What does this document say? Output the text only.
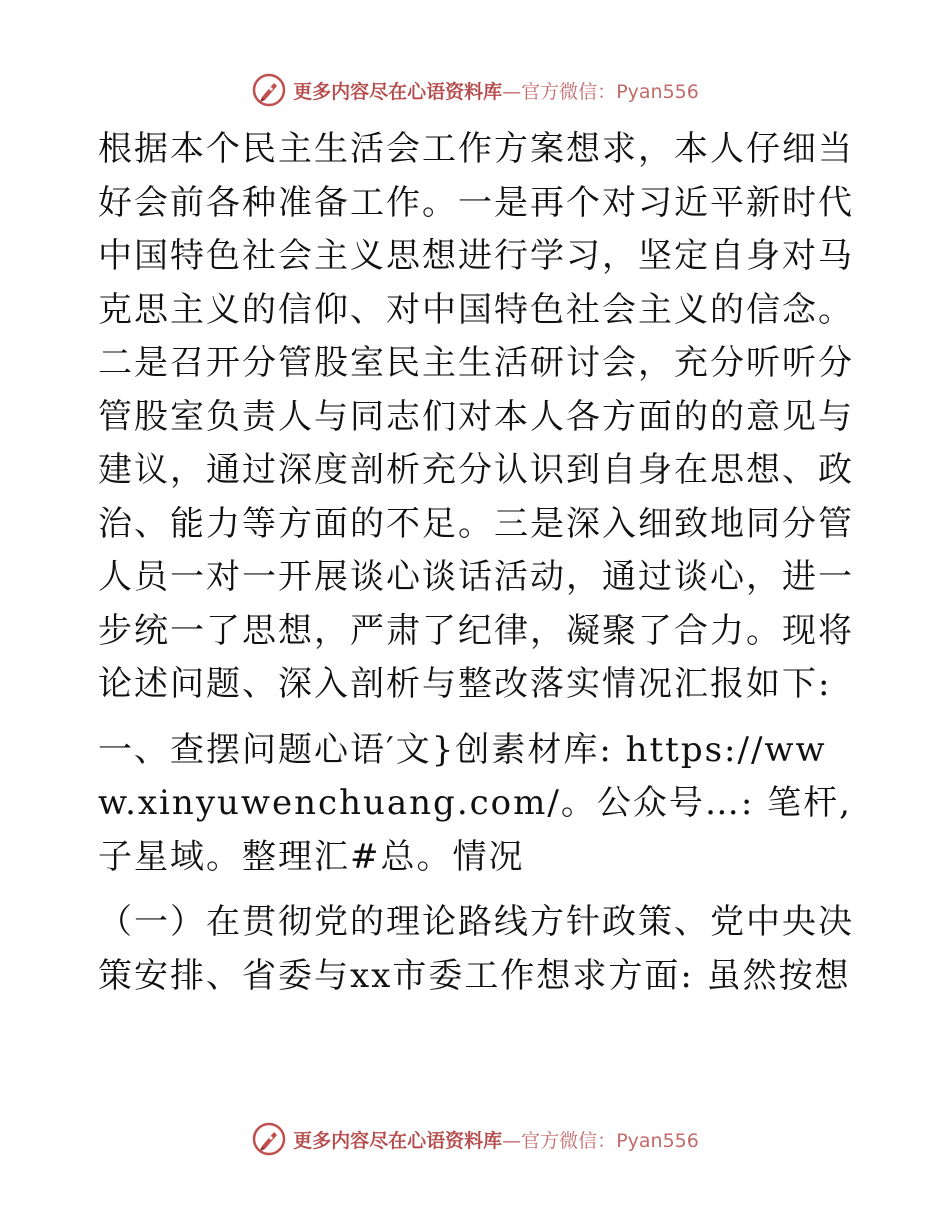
更多内容尽在心语资料库—官方微信：Pyan556

根据本个民主生活会工作方案想求，本人仔细当好会前各种准备工作。一是再个对习近平新时代中国特色社会主义思想进行学习，坚定自身对马克思主义的信仰、对中国特色社会主义的信念。二是召开分管股室民主生活研讨会，充分听听分管股室负责人与同志们对本人各方面的的意见与建议，通过深度剖析充分认识到自身在思想、政治、能力等方面的不足。三是深入细致地同分管人员一对一开展谈心谈话活动，通过谈心，进一步统一了思想，严肃了纪律，凝聚了合力。现将论述问题、深入剖析与整改落实情况汇报如下:

一、查摆问题心语′文}创素材库: https://www.xinyuwenchuang.com/。公众号…: 笔杆,子星域。整理汇#总。情况

（一）在贯彻党的理论路线方针政策、党中央决策安排、省委与xx市委工作想求方面: 虽然按想

更多内容尽在心语资料库—官方微信：Pyan556
